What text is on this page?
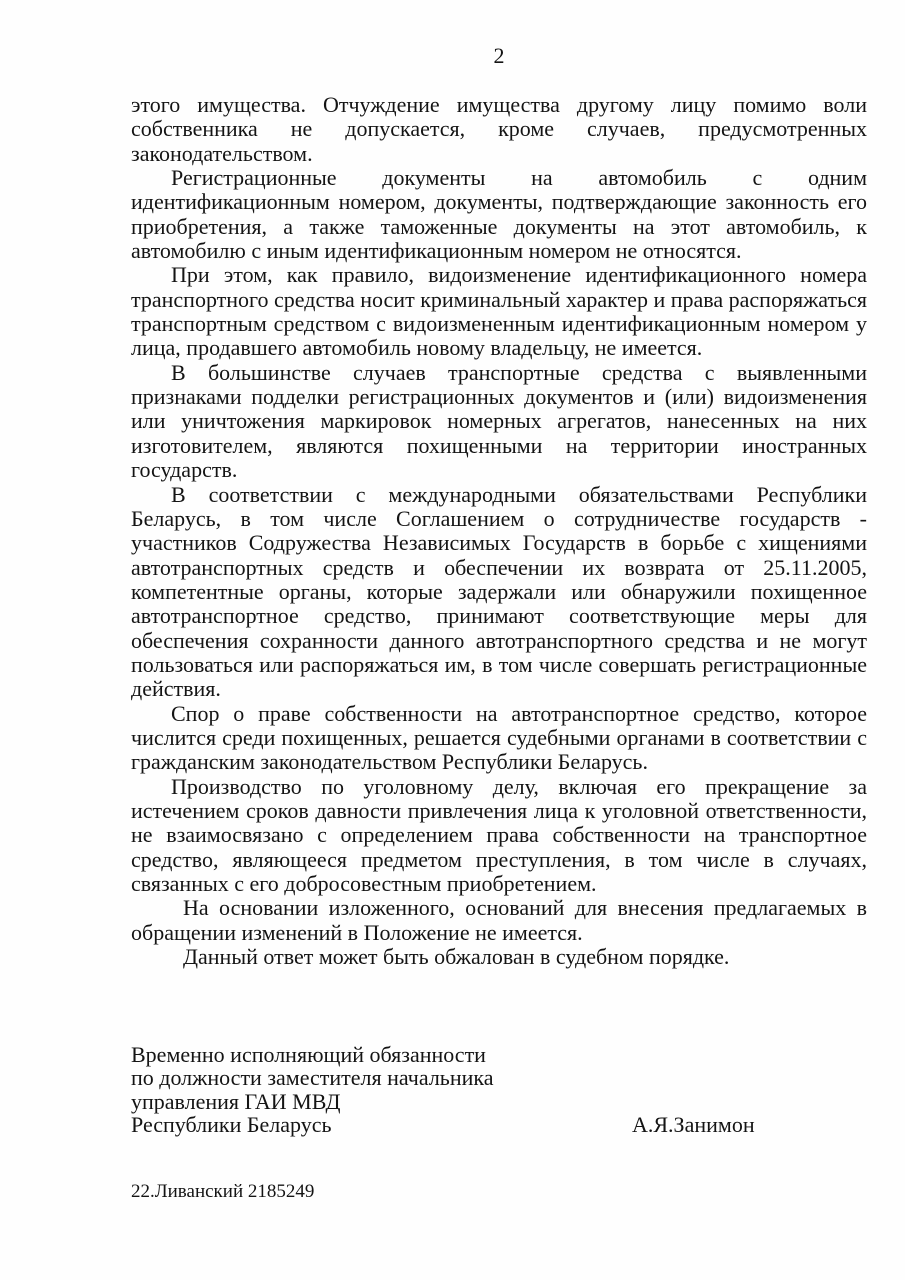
2

этого имущества. Отчуждение имущества другому лицу помимо воли собственника не допускается, кроме случаев, предусмотренных законодательством.

Регистрационные документы на автомобиль с одним идентификационным номером, документы, подтверждающие законность его приобретения, а также таможенные документы на этот автомобиль, к автомобилю с иным идентификационным номером не относятся.

При этом, как правило, видоизменение идентификационного номера транспортного средства носит криминальный характер и права распоряжаться транспортным средством с видоизмененным идентификационным номером у лица, продавшего автомобиль новому владельцу, не имеется.

В большинстве случаев транспортные средства с выявленными признаками подделки регистрационных документов и (или) видоизменения или уничтожения маркировок номерных агрегатов, нанесенных на них изготовителем, являются похищенными на территории иностранных государств.

В соответствии с международными обязательствами Республики Беларусь, в том числе Соглашением о сотрудничестве государств - участников Содружества Независимых Государств в борьбе с хищениями автотранспортных средств и обеспечении их возврата от 25.11.2005, компетентные органы, которые задержали или обнаружили похищенное автотранспортное средство, принимают соответствующие меры для обеспечения сохранности данного автотранспортного средства и не могут пользоваться или распоряжаться им, в том числе совершать регистрационные действия.

Спор о праве собственности на автотранспортное средство, которое числится среди похищенных, решается судебными органами в соответствии с гражданским законодательством Республики Беларусь.

Производство по уголовному делу, включая его прекращение за истечением сроков давности привлечения лица к уголовной ответственности, не взаимосвязано с определением права собственности на транспортное средство, являющееся предметом преступления, в том числе в случаях, связанных с его добросовестным приобретением.

На основании изложенного, оснований для внесения предлагаемых в обращении изменений в Положение не имеется.

Данный ответ может быть обжалован в судебном порядке.

Временно исполняющий обязанности
по должности заместителя начальника
управления ГАИ МВД
Республики Беларусь	А.Я.Занимон
22.Ливанский 2185249
